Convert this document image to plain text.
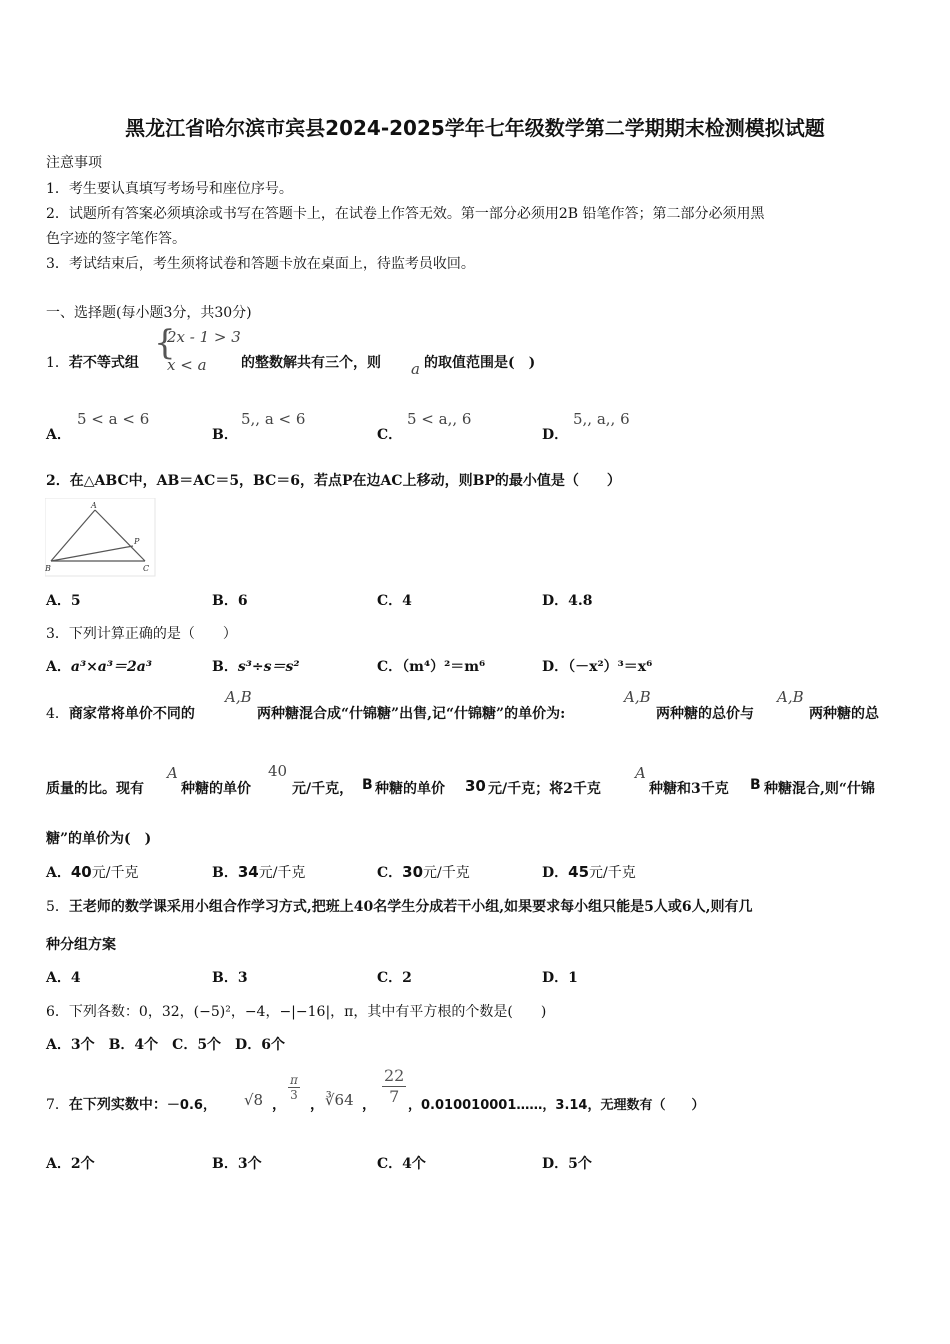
黑龙江省哈尔滨市宾县2024-2025学年七年级数学第二学期期末检测模拟试题
注意事项
1．考生要认真填写考场号和座位序号。
2．试题所有答案必须填涂或书写在答题卡上，在试卷上作答无效。第一部分必须用2B 铅笔作答；第二部分必须用黑
色字迹的签字笔作答。
3．考试结束后，考生须将试卷和答题卡放在桌面上，待监考员收回。
一、选择题(每小题3分，共30分)
1．若不等式组 {
2x - 1 > 3
x < a 的整数解共有三个，则 a 的取值范围是(　)
A．
5 < a < 6
B．
5,, a < 6
C．
5 < a,, 6
D．
5,, a,, 6
2．在△ABC中，AB＝AC＝5，BC＝6，若点P在边AC上移动，则BP的最小值是（　　）
A
B	C
P
A．5	B．6	C．4	D．4.8
3．下列计算正确的是（　　）
A．a³×a³＝2a³	B．s³÷s＝s²	C．（m⁴）²＝m⁶	D．（－x²）³＝x⁶
4．商家常将单价不同的
A,B
两种糖混合成“什锦糖”出售,记“什锦糖”的单价为:
A,B
两种糖的总价与
A,B
两种糖的总
质量的比。现有
A
种糖的单价
40
元/千克， B 种糖的单价 30 元/千克；将2千克
A
种糖和3千克 B 种糖混合,则“什锦
糖”的单价为(　)
A．40元/千克	B．34元/千克	C．30元/千克	D．45元/千克
5．王老师的数学课采用小组合作学习方式,把班上40名学生分成若干小组,如果要求每小组只能是5人或6人,则有几
种分组方案
A．4	B．3	C．2	D．1
6．下列各数：0，32，(−5)²，−4，−|−16|，π，其中有平方根的个数是(　　)
A．3个　B．4个　C．5个　D．6个
7．在下列实数中：－0.6， √8 ，
$\frac{\pi}{3}$
， ∛64 ， $\frac{22}{7}$ ，0.010010001……，3.14，无理数有（　　）
A．2个	B．3个	C．4个	D．5个
